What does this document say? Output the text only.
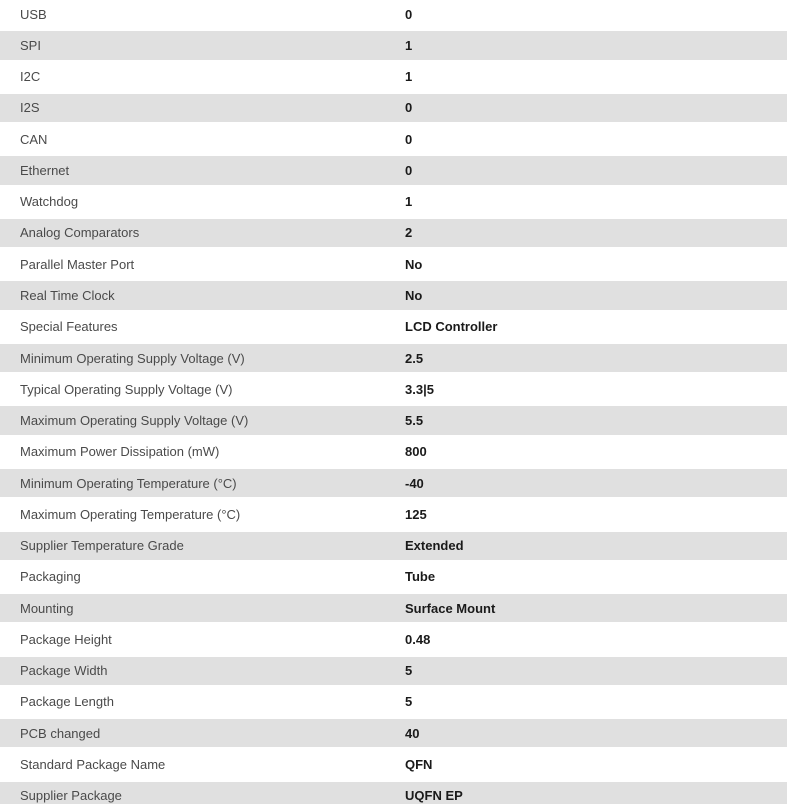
USB	0
SPI	1
I2C	1
I2S	0
CAN	0
Ethernet	0
Watchdog	1
Analog Comparators	2
Parallel Master Port	No
Real Time Clock	No
Special Features	LCD Controller
Minimum Operating Supply Voltage (V)	2.5
Typical Operating Supply Voltage (V)	3.3|5
Maximum Operating Supply Voltage (V)	5.5
Maximum Power Dissipation (mW)	800
Minimum Operating Temperature (°C)	-40
Maximum Operating Temperature (°C)	125
Supplier Temperature Grade	Extended
Packaging	Tube
Mounting	Surface Mount
Package Height	0.48
Package Width	5
Package Length	5
PCB changed	40
Standard Package Name	QFN
Supplier Package	UQFN EP
